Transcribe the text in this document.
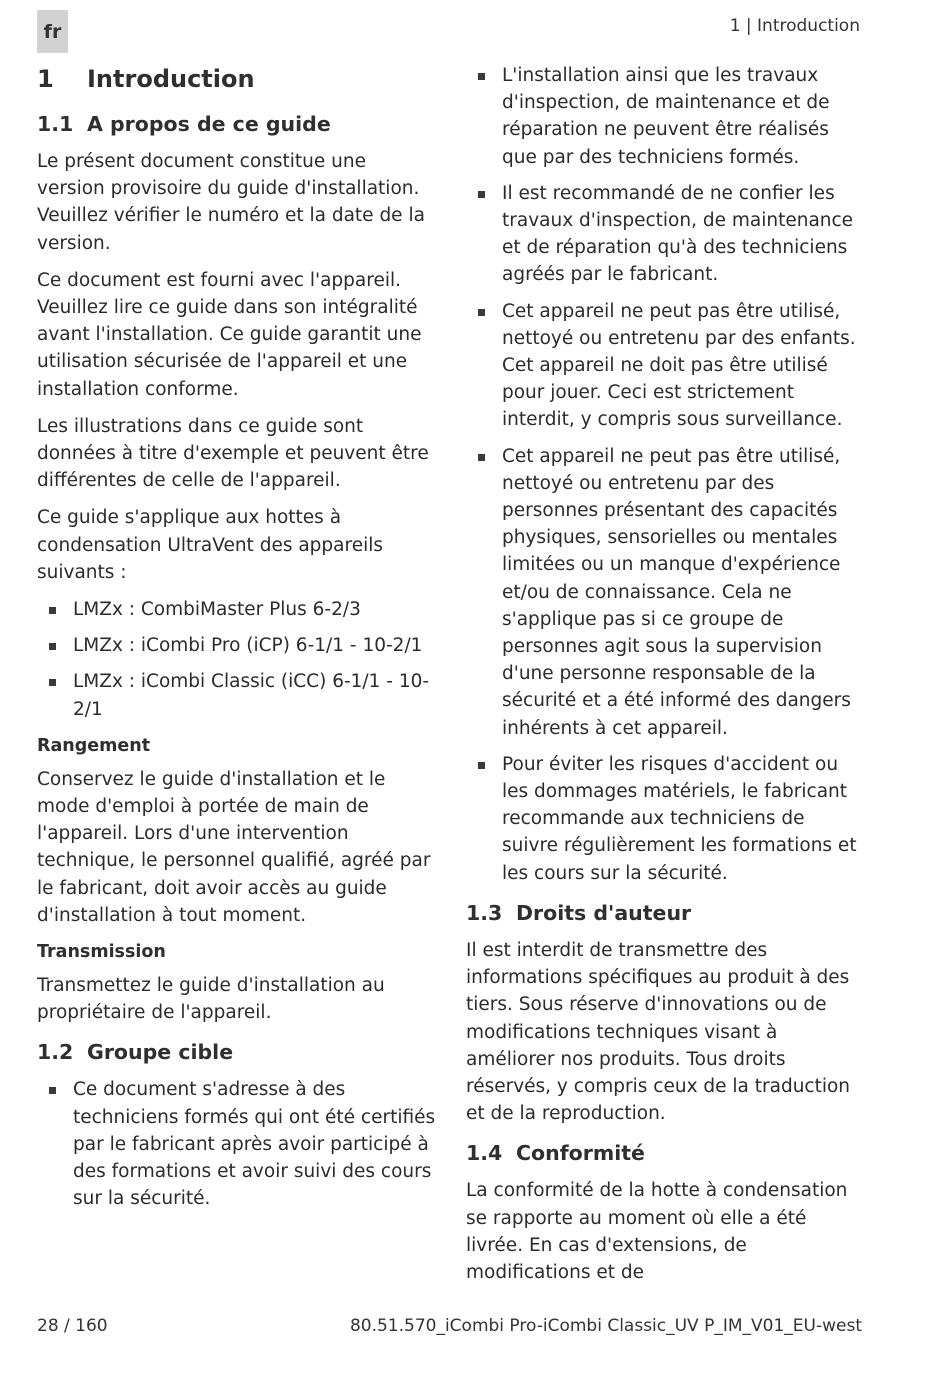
fr	1 | Introduction
1	Introduction
1.1 A propos de ce guide

Le présent document constitue une version provisoire du guide d'installation. Veuillez vérifier le numéro et la date de la version.

Ce document est fourni avec l'appareil. Veuillez lire ce guide dans son intégralité avant l'installation. Ce guide garantit une utilisation sécurisée de l'appareil et une installation conforme.

Les illustrations dans ce guide sont données à titre d'exemple et peuvent être différentes de celle de l'appareil.

Ce guide s'applique aux hottes à condensation UltraVent des appareils suivants :

LMZx : CombiMaster Plus 6-2/3
LMZx : iCombi Pro (iCP) 6-1/1 - 10-2/1
LMZx : iCombi Classic (iCC) 6-1/1 - 10-2/1
Rangement

Conservez le guide d'installation et le mode d'emploi à portée de main de l'appareil. Lors d'une intervention technique, le personnel qualifié, agréé par le fabricant, doit avoir accès au guide d'installation à tout moment.

Transmission

Transmettez le guide d'installation au propriétaire de l'appareil.

1.2 Groupe cible
Ce document s'adresse à des techniciens formés qui ont été certifiés par le fabricant après avoir participé à des formations et avoir suivi des cours sur la sécurité.
L'installation ainsi que les travaux d'inspection, de maintenance et de réparation ne peuvent être réalisés que par des techniciens formés.
Il est recommandé de ne confier les travaux d'inspection, de maintenance et de réparation qu'à des techniciens agréés par le fabricant.
Cet appareil ne peut pas être utilisé, nettoyé ou entretenu par des enfants. Cet appareil ne doit pas être utilisé pour jouer. Ceci est strictement interdit, y compris sous surveillance.
Cet appareil ne peut pas être utilisé, nettoyé ou entretenu par des personnes présentant des capacités physiques, sensorielles ou mentales limitées ou un manque d'expérience et/ou de connaissance. Cela ne s'applique pas si ce groupe de personnes agit sous la supervision d'une personne responsable de la sécurité et a été informé des dangers inhérents à cet appareil.
Pour éviter les risques d'accident ou les dommages matériels, le fabricant recommande aux techniciens de suivre régulièrement les formations et les cours sur la sécurité.
1.3 Droits d'auteur

Il est interdit de transmettre des informations spécifiques au produit à des tiers. Sous réserve d'innovations ou de modifications techniques visant à améliorer nos produits. Tous droits réservés, y compris ceux de la traduction et de la reproduction.

1.4 Conformité

La conformité de la hotte à condensation se rapporte au moment où elle a été livrée. En cas d'extensions, de modifications et de

28 / 160	80.51.570_iCombi Pro-iCombi Classic_UV P_IM_V01_EU-west
